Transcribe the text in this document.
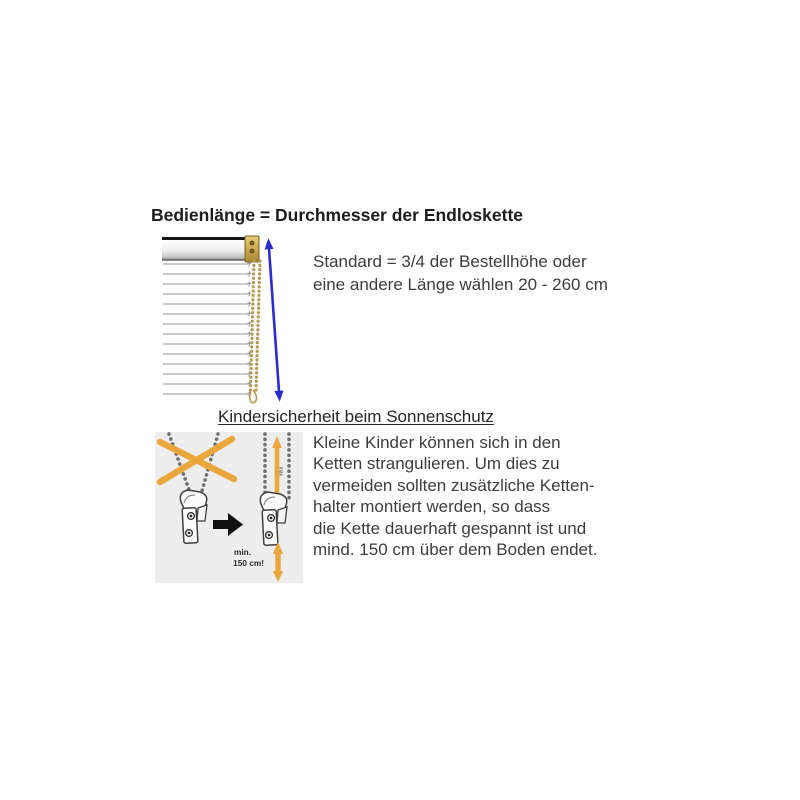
Bedienlänge = Durchmesser der Endloskette
Standard = 3/4 der Bestellhöhe oder
eine andere Länge wählen 20 - 260 cm
Kindersicherheit beim Sonnenschutz
max.
min.
150 cm!
Kleine Kinder können sich in den
Ketten strangulieren. Um dies zu
vermeiden sollten zusätzliche Ketten-
halter montiert werden, so dass
die Kette dauerhaft gespannt ist und
mind. 150 cm über dem Boden endet.
